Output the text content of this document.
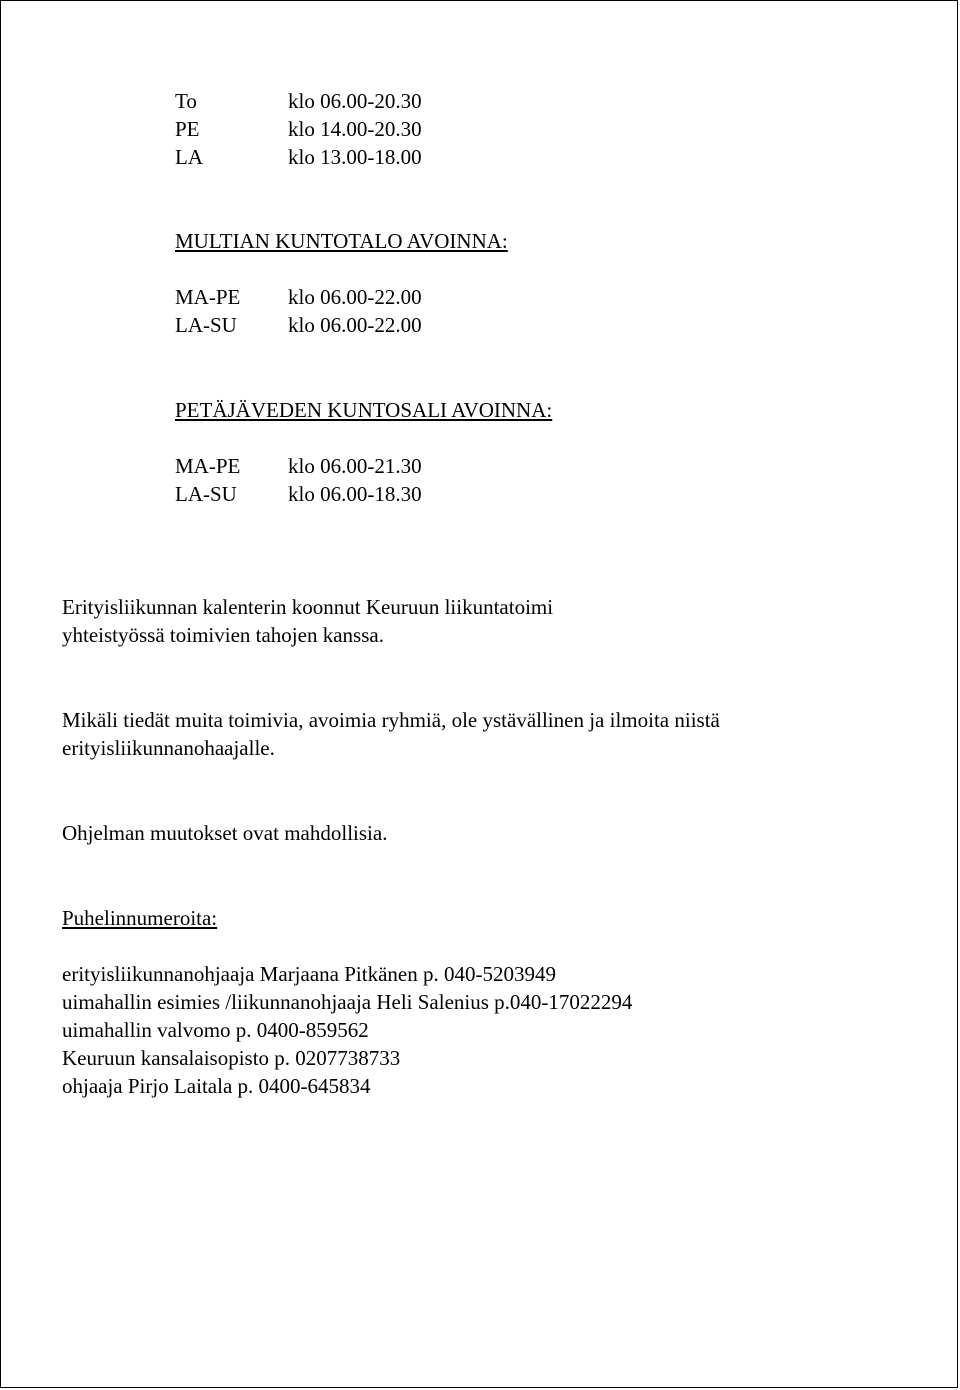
To	klo 06.00-20.30
PE	klo 14.00-20.30
LA	klo 13.00-18.00
MULTIAN KUNTOTALO AVOINNA:
MA-PE	klo 06.00-22.00
LA-SU	klo 06.00-22.00
PETÄJÄVEDEN KUNTOSALI AVOINNA:
MA-PE	klo 06.00-21.30
LA-SU	klo 06.00-18.30

Erityisliikunnan kalenterin koonnut Keuruun liikuntatoimi

yhteistyössä toimivien tahojen kanssa.

Mikäli tiedät muita toimivia, avoimia ryhmiä, ole ystävällinen ja ilmoita niistä

erityisliikunnanohaajalle.

Ohjelman muutokset ovat mahdollisia.

Puhelinnumeroita:
erityisliikunnanohjaaja Marjaana Pitkänen p. 040-5203949
uimahallin esimies /liikunnanohjaaja Heli Salenius p.040-17022294
uimahallin valvomo p. 0400-859562
Keuruun kansalaisopisto p. 0207738733
ohjaaja Pirjo Laitala p. 0400-645834
